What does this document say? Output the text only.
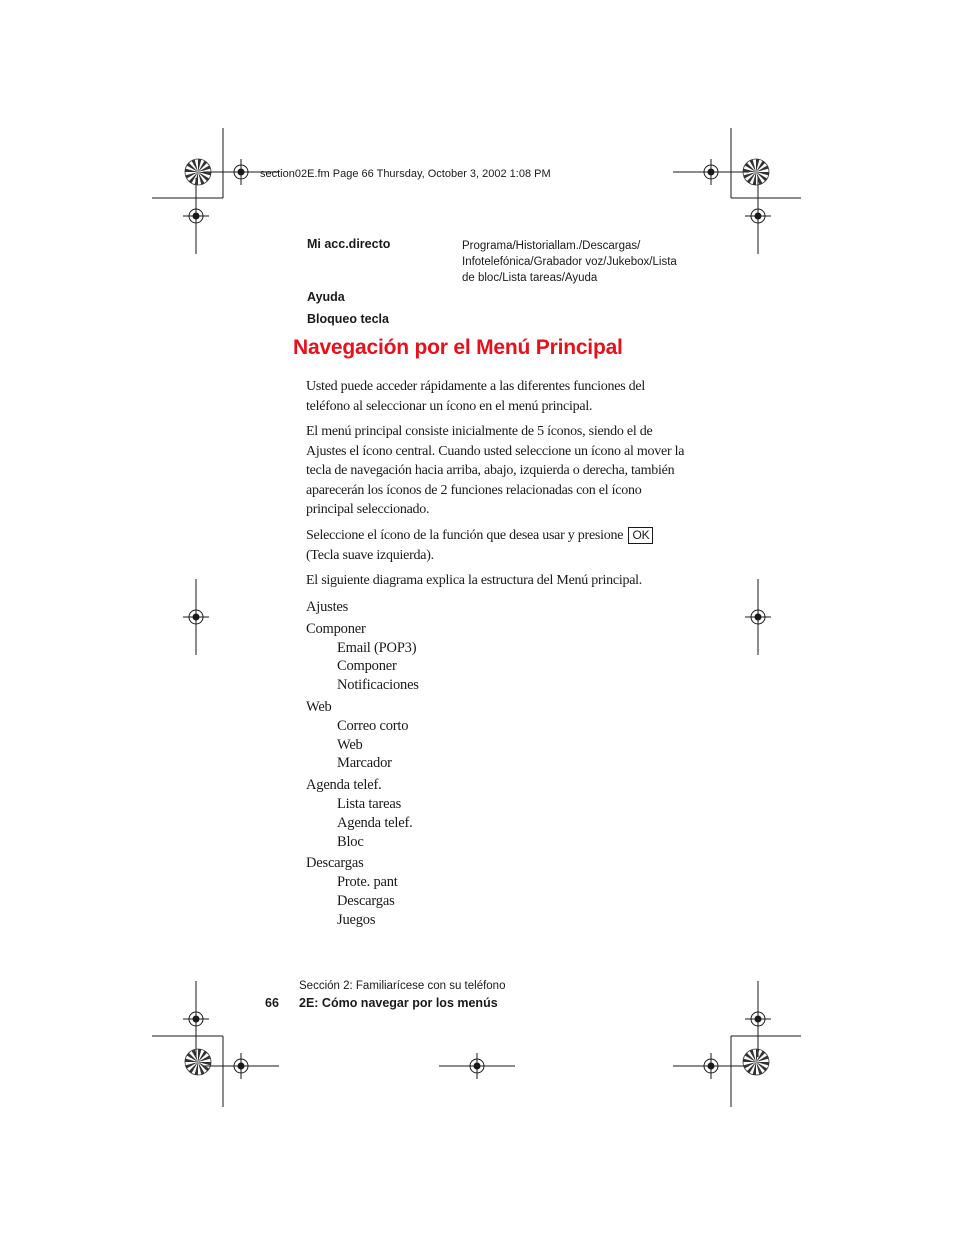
section02E.fm Page 66 Thursday, October 3, 2002 1:08 PM
Mi acc.directo	Programa/Historiallam./Descargas/ Infotelefónica/Grabador voz/Jukebox/Lista de bloc/Lista tareas/Ayuda
Ayuda
Bloqueo tecla
Navegación por el Menú Principal
Usted puede acceder rápidamente a las diferentes funciones del teléfono al seleccionar un ícono en el menú principal.
El menú principal consiste inicialmente de 5 íconos, siendo el de Ajustes el ícono central. Cuando usted seleccione un ícono al mover la tecla de navegación hacia arriba, abajo, izquierda o derecha, también aparecerán los íconos de 2 funciones relacionadas con el ícono principal seleccionado.
Seleccione el ícono de la función que desea usar y presione OK (Tecla suave izquierda).
El siguiente diagrama explica la estructura del Menú principal.
Ajustes
Componer
Email (POP3)
Componer
Notificaciones
Web
Correo corto
Web
Marcador
Agenda telef.
Lista tareas
Agenda telef.
Bloc
Descargas
Prote. pant
Descargas
Juegos
Sección 2: Familiarícese con su teléfono
66 2E: Cómo navegar por los menús
